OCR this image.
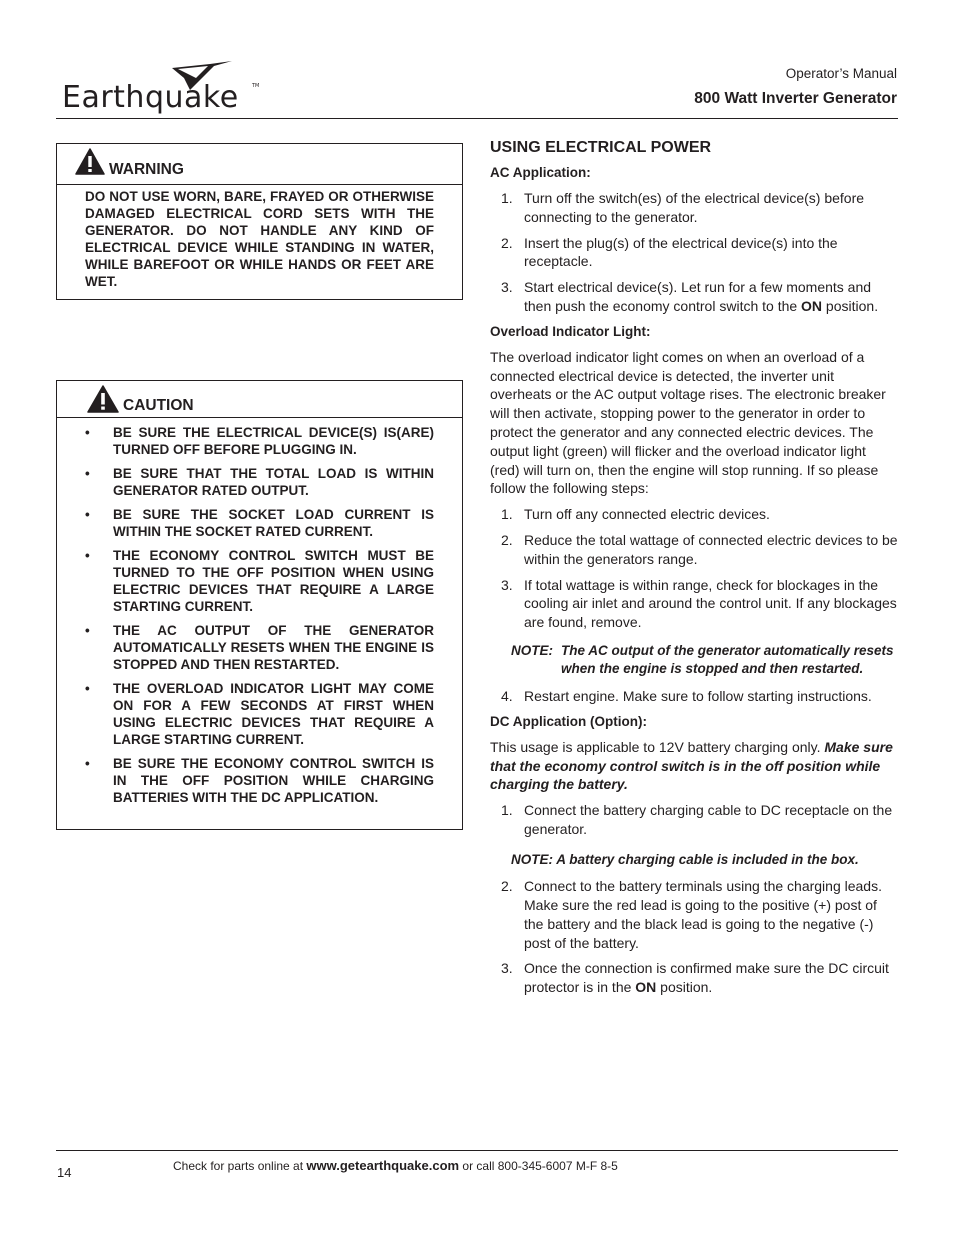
Earthquake	TM
Operator’s Manual
800 Watt Inverter Generator
WARNING
DO NOT USE WORN, BARE, FRAYED OR OTHERWISE DAMAGED ELECTRICAL CORD SETS WITH THE GENERATOR. DO NOT HANDLE ANY KIND OF ELECTRICAL DEVICE WHILE STANDING IN WATER, WHILE BAREFOOT OR WHILE HANDS OR FEET ARE WET.
CAUTION
• BE SURE THE ELECTRICAL DEVICE(S) IS(ARE) TURNED OFF BEFORE PLUGGING IN.
• BE SURE THAT THE TOTAL LOAD IS WITHIN GENERATOR RATED OUTPUT.
• BE SURE THE SOCKET LOAD CURRENT IS WITHIN THE SOCKET RATED CURRENT.
• THE ECONOMY CONTROL SWITCH MUST BE TURNED TO THE OFF POSITION WHEN USING ELECTRIC DEVICES THAT REQUIRE A LARGE STARTING CURRENT.
• THE AC OUTPUT OF THE GENERATOR AUTOMATICALLY RESETS WHEN THE ENGINE IS STOPPED AND THEN RESTARTED.
• THE OVERLOAD INDICATOR LIGHT MAY COME ON FOR A FEW SECONDS AT FIRST WHEN USING ELECTRIC DEVICES THAT REQUIRE A LARGE STARTING CURRENT.
• BE SURE THE ECONOMY CONTROL SWITCH IS IN THE OFF POSITION WHILE CHARGING BATTERIES WITH THE DC APPLICATION.
USING ELECTRICAL POWER
AC Application:
1. Turn off the switch(es) of the electrical device(s) before connecting to the generator.
2. Insert the plug(s) of the electrical device(s) into the receptacle.
3. Start electrical device(s). Let run for a few moments and then push the economy control switch to the ON position.
Overload Indicator Light:

The overload indicator light comes on when an overload of a connected electrical device is detected, the inverter unit overheats or the AC output voltage rises. The electronic breaker will then activate, stopping power to the generator in order to protect the generator and any connected electric devices. The output light (green) will flicker and the overload indicator light (red) will turn on, then the engine will stop running. If so please follow the following steps:

1. Turn off any connected electric devices.
2. Reduce the total wattage of connected electric devices to be within the generators range.
3. If total wattage is within range, check for blockages in the cooling air inlet and around the control unit. If any blockages are found, remove.
NOTE: The AC output of the generator automatically resets when the engine is stopped and then restarted.
4. Restart engine. Make sure to follow starting instructions.
DC Application (Option):

This usage is applicable to 12V battery charging only. Make sure that the economy control switch is in the off position while charging the battery.

1. Connect the battery charging cable to DC receptacle on the generator.
NOTE: A battery charging cable is included in the box.
2. Connect to the battery terminals using the charging leads. Make sure the red lead is going to the positive (+) post of the battery and the black lead is going to the negative (-) post of the battery.
3. Once the connection is confirmed make sure the DC circuit protector is in the ON position.
14	Check for parts online at www.getearthquake.com or call 800-345-6007 M-F 8-5
